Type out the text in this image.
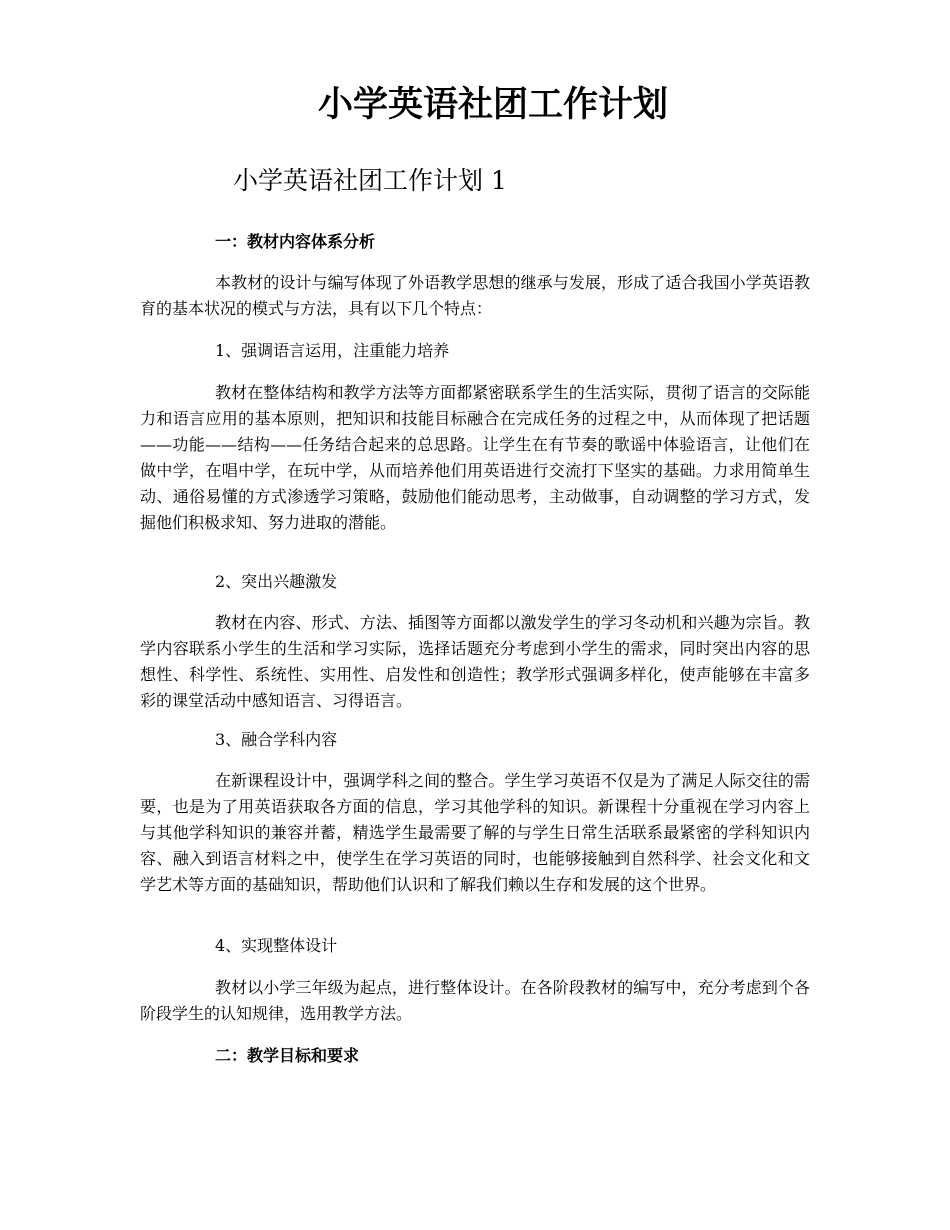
小学英语社团工作计划
小学英语社团工作计划 1

一：教材内容体系分析

本教材的设计与编写体现了外语教学思想的继承与发展，形成了适合我国小学英语教育的基本状况的模式与方法，具有以下几个特点：

1、强调语言运用，注重能力培养

教材在整体结构和教学方法等方面都紧密联系学生的生活实际，贯彻了语言的交际能力和语言应用的基本原则，把知识和技能目标融合在完成任务的过程之中，从而体现了把话题——功能——结构——任务结合起来的总思路。让学生在有节奏的歌谣中体验语言，让他们在做中学，在唱中学，在玩中学，从而培养他们用英语进行交流打下坚实的基础。力求用简单生动、通俗易懂的方式渗透学习策略，鼓励他们能动思考，主动做事，自动调整的学习方式，发掘他们积极求知、努力进取的潜能。

2、突出兴趣激发

教材在内容、形式、方法、插图等方面都以激发学生的学习冬动机和兴趣为宗旨。教学内容联系小学生的生活和学习实际，选择话题充分考虑到小学生的需求，同时突出内容的思想性、科学性、系统性、实用性、启发性和创造性；教学形式强调多样化，使声能够在丰富多彩的课堂活动中感知语言、习得语言。

3、融合学科内容

在新课程设计中，强调学科之间的整合。学生学习英语不仅是为了满足人际交往的需要，也是为了用英语获取各方面的信息，学习其他学科的知识。新课程十分重视在学习内容上与其他学科知识的兼容并蓄，精选学生最需要了解的与学生日常生活联系最紧密的学科知识内容、融入到语言材料之中，使学生在学习英语的同时，也能够接触到自然科学、社会文化和文学艺术等方面的基础知识，帮助他们认识和了解我们赖以生存和发展的这个世界。

4、实现整体设计

教材以小学三年级为起点，进行整体设计。在各阶段教材的编写中，充分考虑到个各阶段学生的认知规律，选用教学方法。

二：教学目标和要求
